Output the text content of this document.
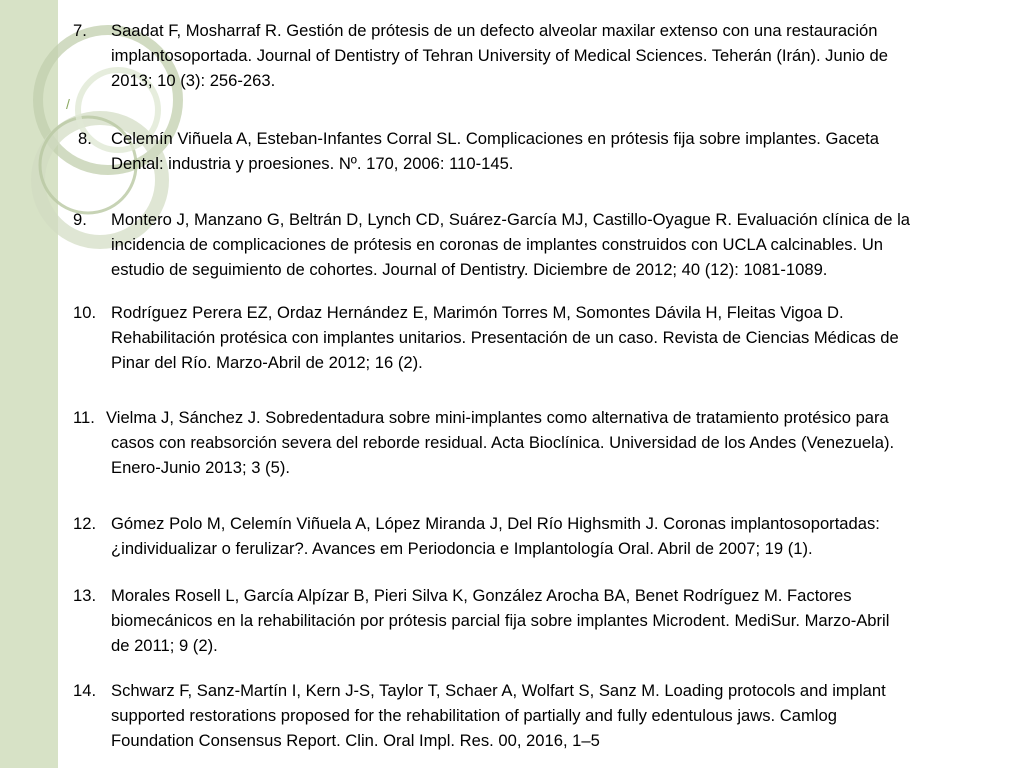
/
7. Saadat F, Mosharraf R. Gestión de prótesis de un defecto alveolar maxilar extenso con una restauración
implantosoportada. Journal of Dentistry of Tehran University of Medical Sciences. Teherán (Irán). Junio de
2013; 10 (3): 256-263.
8. Celemín Viñuela A, Esteban-Infantes Corral SL. Complicaciones en prótesis fija sobre implantes. Gaceta
Dental: industria y proesiones. Nº. 170, 2006: 110-145.
9. Montero J, Manzano G, Beltrán D, Lynch CD, Suárez-García MJ, Castillo-Oyague R. Evaluación clínica de la
incidencia de complicaciones de prótesis en coronas de implantes construidos con UCLA calcinables. Un
estudio de seguimiento de cohortes. Journal of Dentistry. Diciembre de 2012; 40 (12): 1081-1089.
10. Rodríguez Perera EZ, Ordaz Hernández E, Marimón Torres M, Somontes Dávila H, Fleitas Vigoa D.
Rehabilitación protésica con implantes unitarios. Presentación de un caso. Revista de Ciencias Médicas de
Pinar del Río. Marzo-Abril de 2012; 16 (2).
11. Vielma J, Sánchez J. Sobredentadura sobre mini-implantes como alternativa de tratamiento protésico para
casos con reabsorción severa del reborde residual. Acta Bioclínica. Universidad de los Andes (Venezuela).
Enero-Junio 2013; 3 (5).
12. Gómez Polo M, Celemín Viñuela A, López Miranda J, Del Río Highsmith J. Coronas implantosoportadas:
¿individualizar o ferulizar?. Avances em Periodoncia e Implantología Oral. Abril de 2007; 19 (1).
13. Morales Rosell L, García Alpízar B, Pieri Silva K, González Arocha BA, Benet Rodríguez M. Factores
biomecánicos en la rehabilitación por prótesis parcial fija sobre implantes Microdent. MediSur. Marzo-Abril
de 2011; 9 (2).
14. Schwarz F, Sanz-Martín I, Kern J-S, Taylor T, Schaer A, Wolfart S, Sanz M. Loading protocols and implant
supported restorations proposed for the rehabilitation of partially and fully edentulous jaws. Camlog
Foundation Consensus Report. Clin. Oral Impl. Res. 00, 2016, 1–5
